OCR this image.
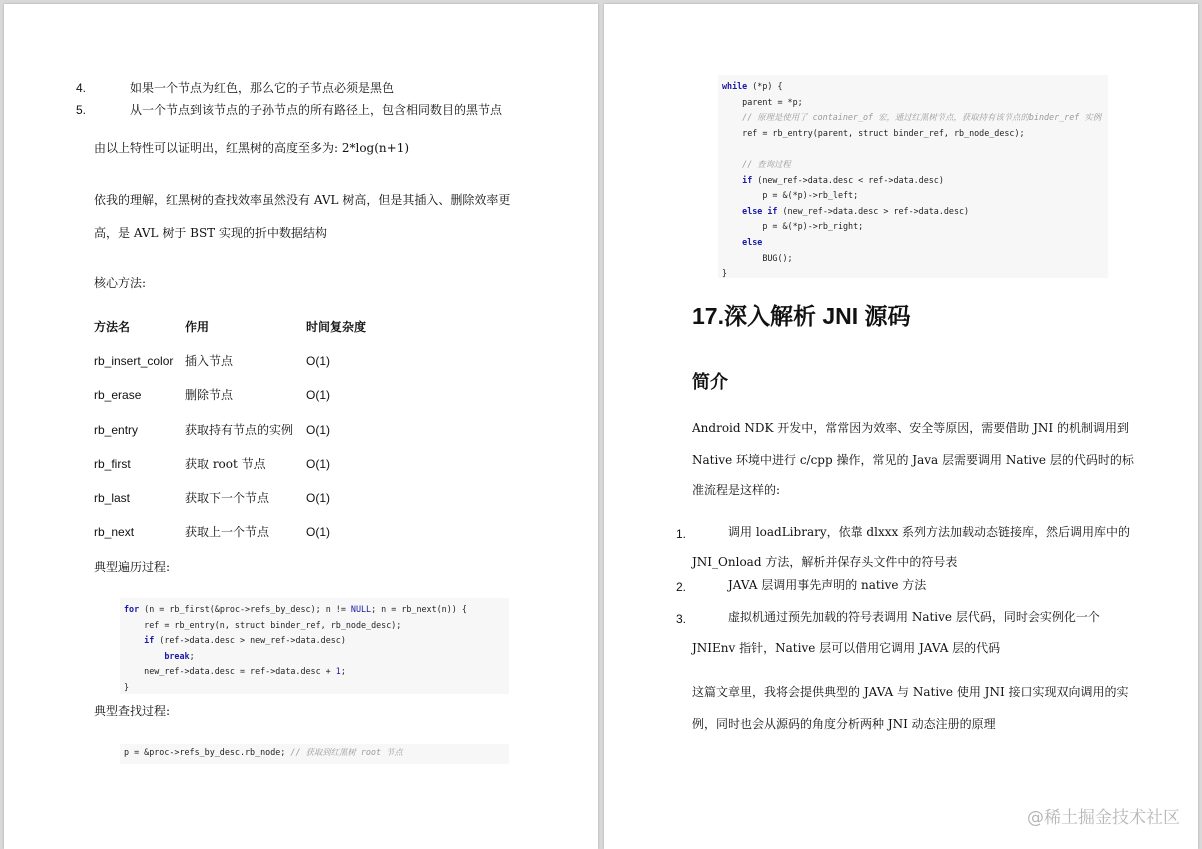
4.	如果一个节点为红色，那么它的子节点必须是黑色
5.	从一个节点到该节点的子孙节点的所有路径上，包含相同数目的黑节点
由以上特性可以证明出，红黑树的高度至多为: 2*log(n+1)
依我的理解，红黑树的查找效率虽然没有 AVL 树高，但是其插入、删除效率更
高，是 AVL 树于 BST 实现的折中数据结构
核心方法:
方法名	作用	时间复杂度
rb_insert_color 插入节点	O(1)
rb_erase	删除节点	O(1)
rb_entry	获取持有节点的实例 O(1)
rb_first	获取 root 节点	O(1)
rb_last	获取下一个节点	O(1)
rb_next	获取上一个节点	O(1)
典型遍历过程:
for (n = rb_first(&proc->refs_by_desc); n != NULL; n = rb_next(n)) {
ref = rb_entry(n, struct binder_ref, rb_node_desc);
if (ref->data.desc > new_ref->data.desc)
break;
new_ref->data.desc = ref->data.desc + 1;
}
典型查找过程:
p = &proc->refs_by_desc.rb_node; // 获取到红黑树 root 节点
while (*p) {
parent = *p;
// 原理是使用了 container_of 宏，通过红黑树节点，获取持有该节点的binder_ref 实例
ref = rb_entry(parent, struct binder_ref, rb_node_desc);

// 查询过程
if (new_ref->data.desc < ref->data.desc)
p = &(*p)->rb_left;
else if (new_ref->data.desc > ref->data.desc)
p = &(*p)->rb_right;
else
BUG();
}
17.深入解析 JNI 源码
简介
Android NDK 开发中，常常因为效率、安全等原因，需要借助 JNI 的机制调用到
Native 环境中进行 c/cpp 操作，常见的 Java 层需要调用 Native 层的代码时的标
准流程是这样的:
1.	调用 loadLibrary，依靠 dlxxx 系列方法加载动态链接库，然后调用库中的
JNI_Onload 方法，解析并保存头文件中的符号表
2.	JAVA 层调用事先声明的 native 方法
3.	虚拟机通过预先加载的符号表调用 Native 层代码，同时会实例化一个
JNIEnv 指针，Native 层可以借用它调用 JAVA 层的代码
这篇文章里，我将会提供典型的 JAVA 与 Native 使用 JNI 接口实现双向调用的实
例，同时也会从源码的角度分析两种 JNI 动态注册的原理
@稀土掘金技术社区
